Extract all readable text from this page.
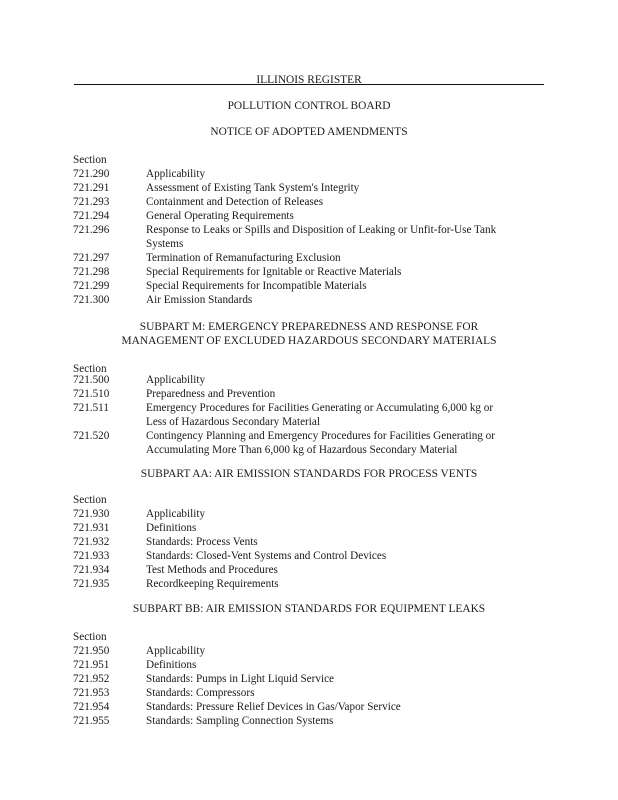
ILLINOIS REGISTER
POLLUTION CONTROL BOARD
NOTICE OF ADOPTED AMENDMENTS
Section
721.290	Applicability
721.291	Assessment of Existing Tank System's Integrity
721.293	Containment and Detection of Releases
721.294	General Operating Requirements
721.296	Response to Leaks or Spills and Disposition of Leaking or Unfit-for-Use Tank
Systems
721.297	Termination of Remanufacturing Exclusion
721.298	Special Requirements for Ignitable or Reactive Materials
721.299	Special Requirements for Incompatible Materials
721.300	Air Emission Standards
SUBPART M: EMERGENCY PREPAREDNESS AND RESPONSE FOR
MANAGEMENT OF EXCLUDED HAZARDOUS SECONDARY MATERIALS
Section
721.500	Applicability
721.510	Preparedness and Prevention
721.511	Emergency Procedures for Facilities Generating or Accumulating 6,000 kg or
Less of Hazardous Secondary Material
721.520	Contingency Planning and Emergency Procedures for Facilities Generating or
Accumulating More Than 6,000 kg of Hazardous Secondary Material
SUBPART AA: AIR EMISSION STANDARDS FOR PROCESS VENTS
Section
721.930	Applicability
721.931	Definitions
721.932	Standards: Process Vents
721.933	Standards: Closed-Vent Systems and Control Devices
721.934	Test Methods and Procedures
721.935	Recordkeeping Requirements
SUBPART BB: AIR EMISSION STANDARDS FOR EQUIPMENT LEAKS
Section
721.950	Applicability
721.951	Definitions
721.952	Standards: Pumps in Light Liquid Service
721.953	Standards: Compressors
721.954	Standards: Pressure Relief Devices in Gas/Vapor Service
721.955	Standards: Sampling Connection Systems
